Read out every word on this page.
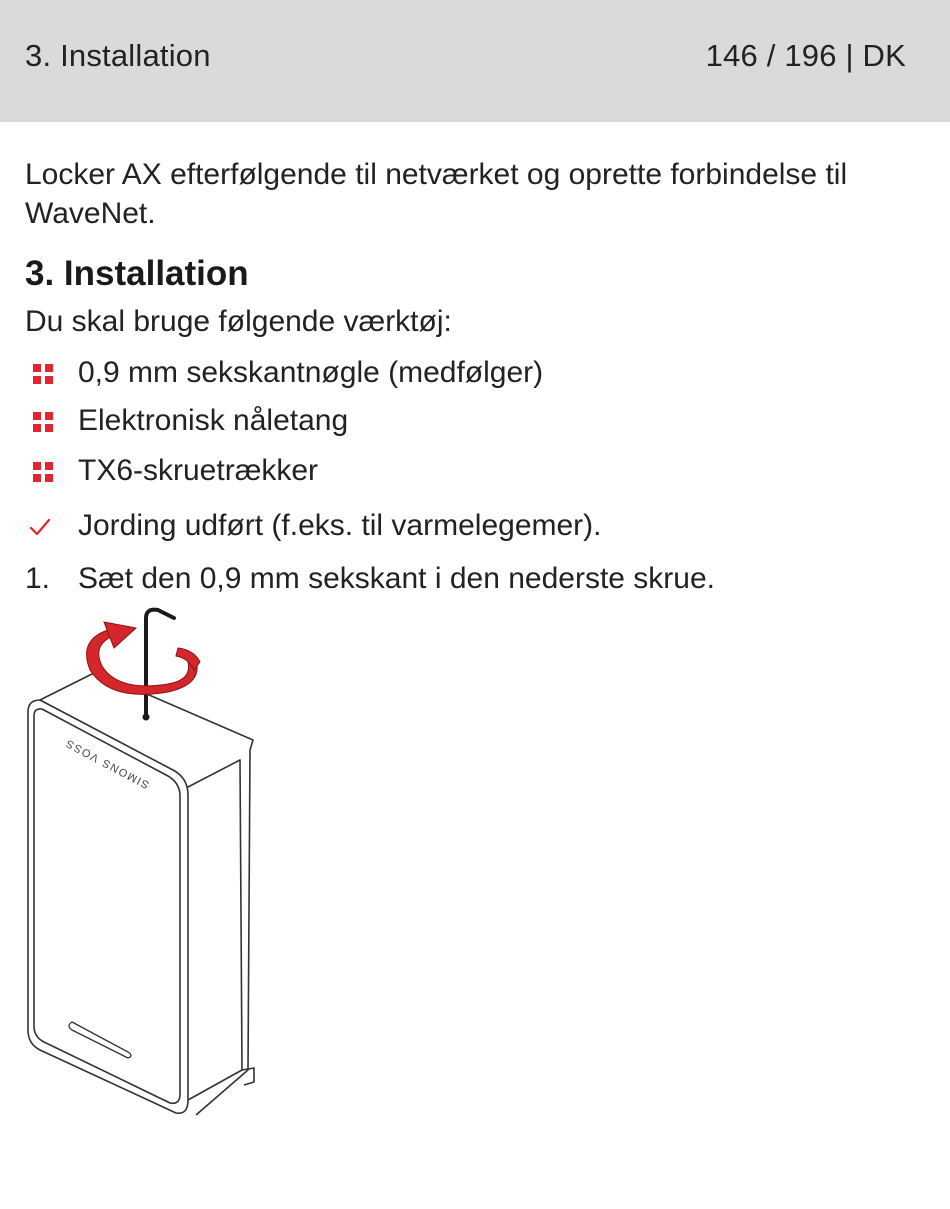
3. Installation	146 / 196 | DK
Locker AX efterfølgende til netværket og oprette forbindelse til WaveNet.
3. Installation
Du skal bruge følgende værktøj:
0,9 mm sekskantnøgle (medfølger)
Elektronisk nåletang
TX6-skruetrækker
Jording udført (f.eks. til varmelegemer).
1. Sæt den 0,9 mm sekskant i den nederste skrue.
SIMONS VOSS
